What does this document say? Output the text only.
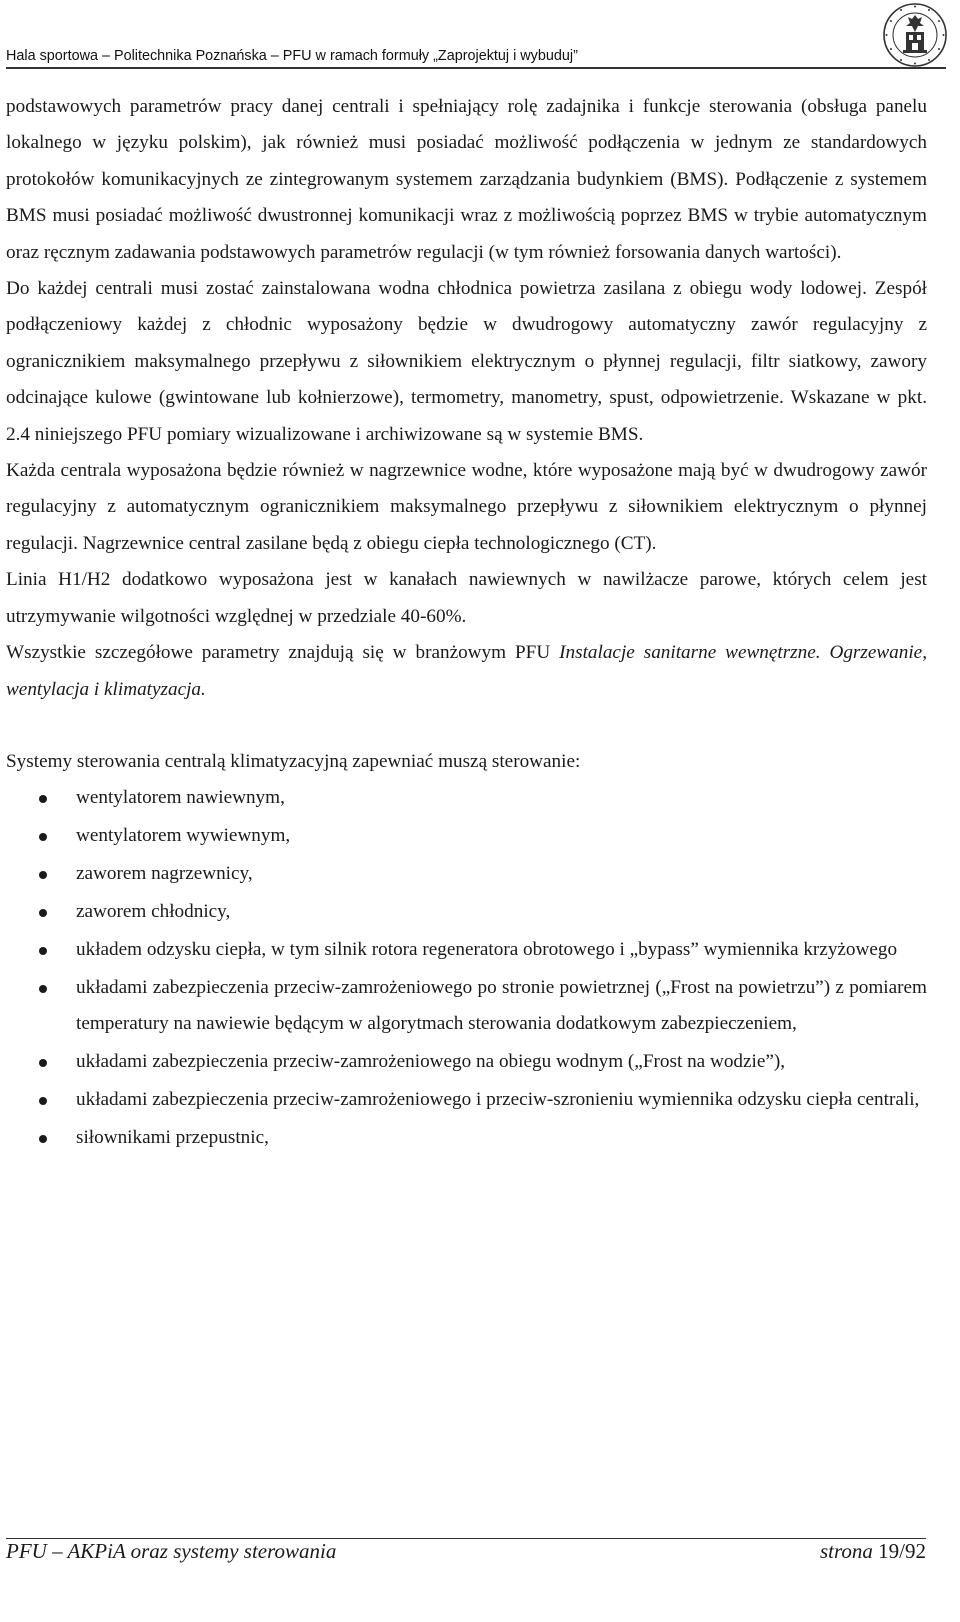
Hala sportowa – Politechnika Poznańska – PFU w ramach formuły „Zaprojektuj i wybuduj”

podstawowych parametrów pracy danej centrali i spełniający rolę zadajnika i funkcje sterowania (obsługa panelu lokalnego w języku polskim), jak również musi posiadać możliwość podłączenia w jednym ze standardowych protokołów komunikacyjnych ze zintegrowanym systemem zarządzania budynkiem (BMS). Podłączenie z systemem BMS musi posiadać możliwość dwustronnej komunikacji wraz z możliwością poprzez BMS w trybie automatycznym oraz ręcznym zadawania podstawowych parametrów regulacji (w tym również forsowania danych wartości).

Do każdej centrali musi zostać zainstalowana wodna chłodnica powietrza zasilana z obiegu wody lodowej. Zespół podłączeniowy każdej z chłodnic wyposażony będzie w dwudrogowy automatyczny zawór regulacyjny z ogranicznikiem maksymalnego przepływu z siłownikiem elektrycznym o płynnej regulacji, filtr siatkowy, zawory odcinające kulowe (gwintowane lub kołnierzowe), termometry, manometry, spust, odpowietrzenie. Wskazane w pkt. 2.4 niniejszego PFU pomiary wizualizowane i archiwizowane są w systemie BMS.

Każda centrala wyposażona będzie również w nagrzewnice wodne, które wyposażone mają być w dwudrogowy zawór regulacyjny z automatycznym ogranicznikiem maksymalnego przepływu z siłownikiem elektrycznym o płynnej regulacji. Nagrzewnice central zasilane będą z obiegu ciepła technologicznego (CT).

Linia H1/H2 dodatkowo wyposażona jest w kanałach nawiewnych w nawilżacze parowe, których celem jest utrzymywanie wilgotności względnej w przedziale 40-60%.

Wszystkie szczegółowe parametry znajdują się w branżowym PFU Instalacje sanitarne wewnętrzne. Ogrzewanie, wentylacja i klimatyzacja.

Systemy sterowania centralą klimatyzacyjną zapewniać muszą sterowanie:

wentylatorem nawiewnym,
wentylatorem wywiewnym,
zaworem nagrzewnicy,
zaworem chłodnicy,
układem odzysku ciepła, w tym silnik rotora regeneratora obrotowego i „bypass” wymiennika krzyżowego
układami zabezpieczenia przeciw-zamrożeniowego po stronie powietrznej („Frost na powietrzu”) z pomiarem temperatury na nawiewie będącym w algorytmach sterowania dodatkowym zabezpieczeniem,
układami zabezpieczenia przeciw-zamrożeniowego na obiegu wodnym („Frost na wodzie”),
układami zabezpieczenia przeciw-zamrożeniowego i przeciw-szronieniu wymiennika odzysku ciepła centrali,
siłownikami przepustnic,
PFU – AKPiA oraz systemy sterowania	strona 19/92
